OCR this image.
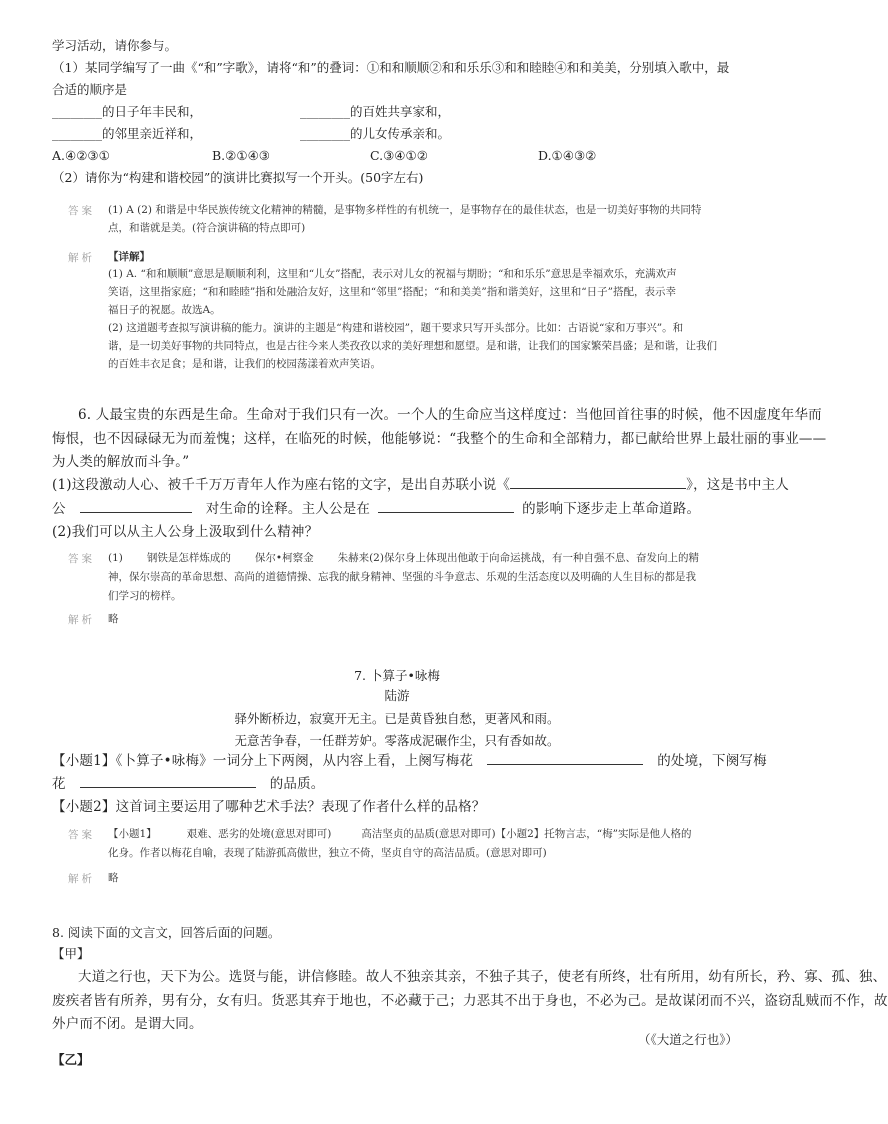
学习活动，请你参与。
（1）某同学编写了一曲《“和”字歌》，请将“和”的叠词：①和和顺顺②和和乐乐③和和睦睦④和和美美，分别填入歌中，最
合适的顺序是
________的日子年丰民和，	________的百姓共享家和，
________的邻里亲近祥和，	________的儿女传承亲和。
A.④②③①	B.②①④③	C.③④①②	D.①④③②
（2）请你为“构建和谐校园”的演讲比赛拟写一个开头。(50字左右)
答案 (1) A (2) 和谐是中华民族传统文化精神的精髓，是事物多样性的有机统一，是事物存在的最佳状态，也是一切美好事物的共同特
点，和谐就是美。(符合演讲稿的特点即可)
解析 【详解】
(1) A. “和和顺顺”意思是顺顺利利，这里和“儿女”搭配，表示对儿女的祝福与期盼；“和和乐乐”意思是幸福欢乐，充满欢声
笑语，这里指家庭；“和和睦睦”指和处融洽友好，这里和“邻里”搭配；“和和美美”指和谐美好，这里和“日子”搭配，表示幸
福日子的祝愿。故选A。
(2) 这道题考查拟写演讲稿的能力。演讲的主题是“构建和谐校园”，题干要求只写开头部分。比如：古语说“家和万事兴”。和
谐，是一切美好事物的共同特点，也是古往今来人类孜孜以求的美好理想和愿望。是和谐，让我们的国家繁荣昌盛；是和谐，让我们
的百姓丰衣足食；是和谐，让我们的校园荡漾着欢声笑语。
6. 人最宝贵的东西是生命。生命对于我们只有一次。一个人的生命应当这样度过：当他回首往事的时候，他不因虚度年华而
悔恨，也不因碌碌无为而羞愧；这样，在临死的时候，他能够说：“我整个的生命和全部精力，都已献给世界上最壮丽的事业——
为人类的解放而斗争。”
(1)这段激动人心、被千千万万青年人作为座右铭的文字，是出自苏联小说《	》，这是书中主人
公	对生命的诠释。主人公是在	的影响下逐步走上革命道路。
(2)我们可以从主人公身上汲取到什么精神？
答案 (1) 钢铁是怎样炼成的 保尔•柯察金 朱赫来(2)保尔身上体现出他敢于向命运挑战，有一种自强不息、奋发向上的精
神，保尔崇高的革命思想、高尚的道德情操、忘我的献身精神、坚强的斗争意志、乐观的生活态度以及明确的人生目标的都是我
们学习的榜样。
解析 略
7. 卜算子•咏梅
陆游
驿外断桥边，寂寞开无主。已是黄昏独自愁，更著风和雨。
无意苦争春，一任群芳妒。零落成泥碾作尘，只有香如故。
【小题1】《卜算子•咏梅》一词分上下两阕，从内容上看，上阕写梅花	的处境，下阕写梅
花	的品质。
【小题2】这首词主要运用了哪种艺术手法？表现了作者什么样的品格？
答案 【小题1】	艰难、恶劣的处境(意思对即可)	高洁坚贞的品质(意思对即可)【小题2】托物言志，“梅”实际是他人格的
化身。作者以梅花自喻，表现了陆游孤高傲世，独立不倚，坚贞自守的高洁品质。(意思对即可)
解析 略
8. 阅读下面的文言文，回答后面的问题。
【甲】
大道之行也，天下为公。选贤与能，讲信修睦。故人不独亲其亲，不独子其子，使老有所终，壮有所用，幼有所长，矜、寡、孤、独、
废疾者皆有所养，男有分，女有归。货恶其弃于地也，不必藏于己；力恶其不出于身也，不必为己。是故谋闭而不兴，盗窃乱贼而不作，故
外户而不闭。是谓大同。
（《大道之行也》）
【乙】
